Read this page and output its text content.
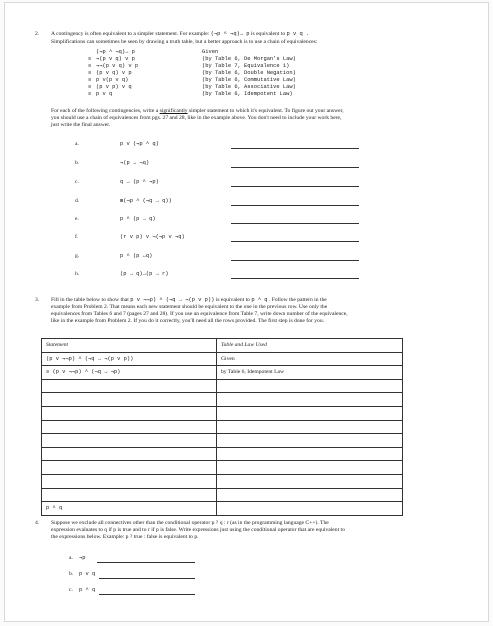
2. A contingency is often equivalent to a simpler statement. For example: (¬p ^ ¬q)→ p is equivalent to p v q .
Simplifications can sometimes be seen by drawing a truth table, but a better approach is to use a chain of equivalences:
(¬p ^ ¬q)→ p	Given
≡ ¬(p v q) v p	(by Table 6, De Morgan's Law)
≡ ¬¬(p v q) v p	(by Table 7, Equivalence 1)
≡ (p v q) v p	(by Table 6, Double Negation)
≡ p v(p v q)	(by Table 6, Commutative Law)
≡ (p v p) v q	(by Table 6, Associative Law)
≡ p v q	(by Table 6, Idempotent Law)
For each of the following contingencies, write a significantly simpler statement to which it's equivalent. To figure out your answer,
you should use a chain of equivalences from pgs. 27 and 28, like in the example above. You don't need to include your work here,
just write the final answer.
a.	p v (¬p ^ q)
b.	¬(p → ¬q)
c.	q → (p ^ ¬p)
d.	⊞(¬p ^ (¬q → q))
e.	p ^ (p → q)
f.	(r v p) v ¬(¬p v ¬q)
g.	p ^ (p ↔q)
h.	(p → q)→(p → r)
3. Fill in the table below to show that p v ¬¬p) ^ (¬q → ¬(p v p)) is equivalent to p ^ q . Follow the pattern in the
example from Problem 2. That means each new statement should be equivalent to the one in the previous row. Use only the
equivalences from Tables 6 and 7 (pages 27 and 28). If you use an equivalence from Table 7, write down number of the equivalence,
like in the example from Problem 2. If you do it correctly, you'll need all the rows provided. The first step is done for you.
Statement	Table and Law Used
(p v ¬¬p) ^ (¬q → ¬(p v p))	Given
≡ (p v ¬¬p) ^ (¬q → ¬p)	by Table 6, Idempotent Law

p ^ q	
4. Suppose we exclude all connectives other than the conditional operator p ? q : r (as in the programming language C++). The
expression evaluates to q if p is true and to r if p is false. Write expressions just using the conditional operator that are equivalent to
the expressions below. Example: p ? true : false is equivalent to p.
a. ¬p
b. p v q
c. p ^ q
